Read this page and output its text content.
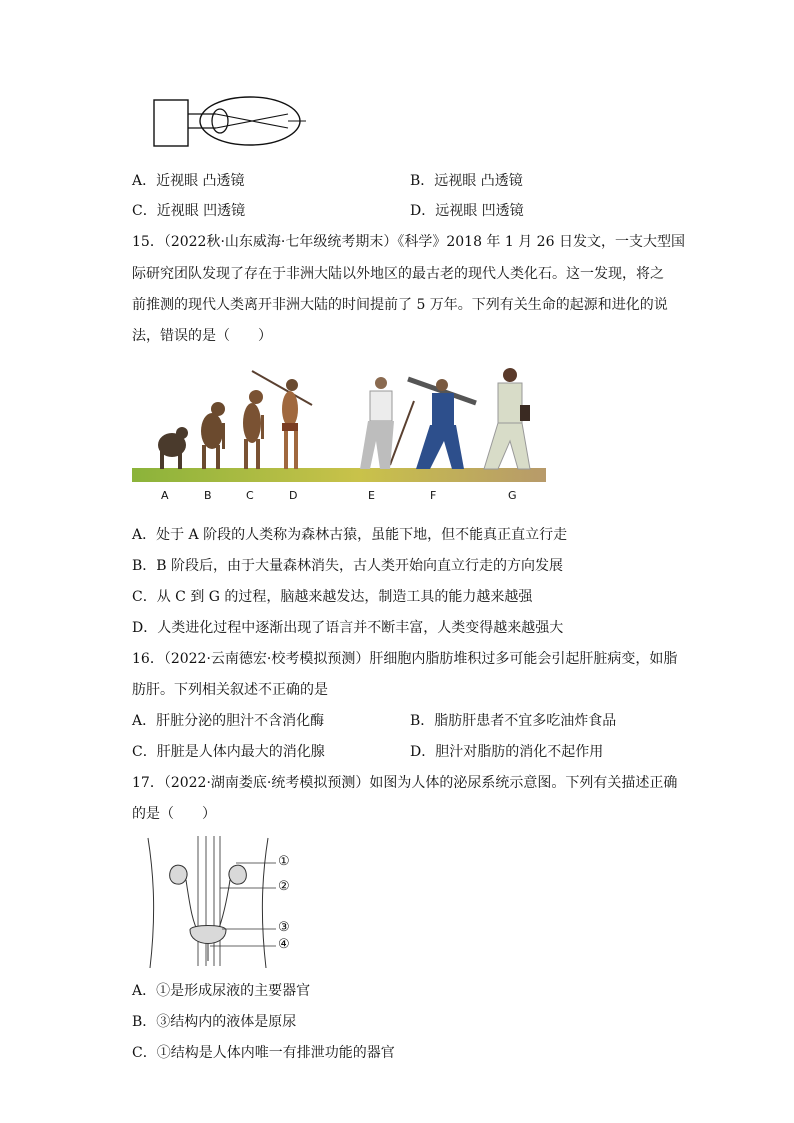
A．近视眼 凸透镜	B．远视眼 凸透镜
C．近视眼 凹透镜	D．远视眼 凹透镜
15．（2022秋·山东威海·七年级统考期末）《科学》2018 年 1 月 26 日发文，一支大型国
际研究团队发现了存在于非洲大陆以外地区的最古老的现代人类化石。这一发现，将之
前推测的现代人类离开非洲大陆的时间提前了 5 万年。下列有关生命的起源和进化的说
法，错误的是（　　）
A	B	C	D	E	F	G
A．处于 A 阶段的人类称为森林古猿，虽能下地，但不能真正直立行走
B．B 阶段后，由于大量森林消失，古人类开始向直立行走的方向发展
C．从 C 到 G 的过程，脑越来越发达，制造工具的能力越来越强
D．人类进化过程中逐渐出现了语言并不断丰富，人类变得越来越强大
16．（2022·云南德宏·校考模拟预测）肝细胞内脂肪堆积过多可能会引起肝脏病变，如脂
肪肝。下列相关叙述不正确的是
A．肝脏分泌的胆汁不含消化酶	B．脂肪肝患者不宜多吃油炸食品
C．肝脏是人体内最大的消化腺	D．胆汁对脂肪的消化不起作用
17．（2022·湖南娄底·统考模拟预测）如图为人体的泌尿系统示意图。下列有关描述正确
的是（　　）
①
②
③
④
A．①是形成尿液的主要器官
B．③结构内的液体是原尿
C．①结构是人体内唯一有排泄功能的器官
